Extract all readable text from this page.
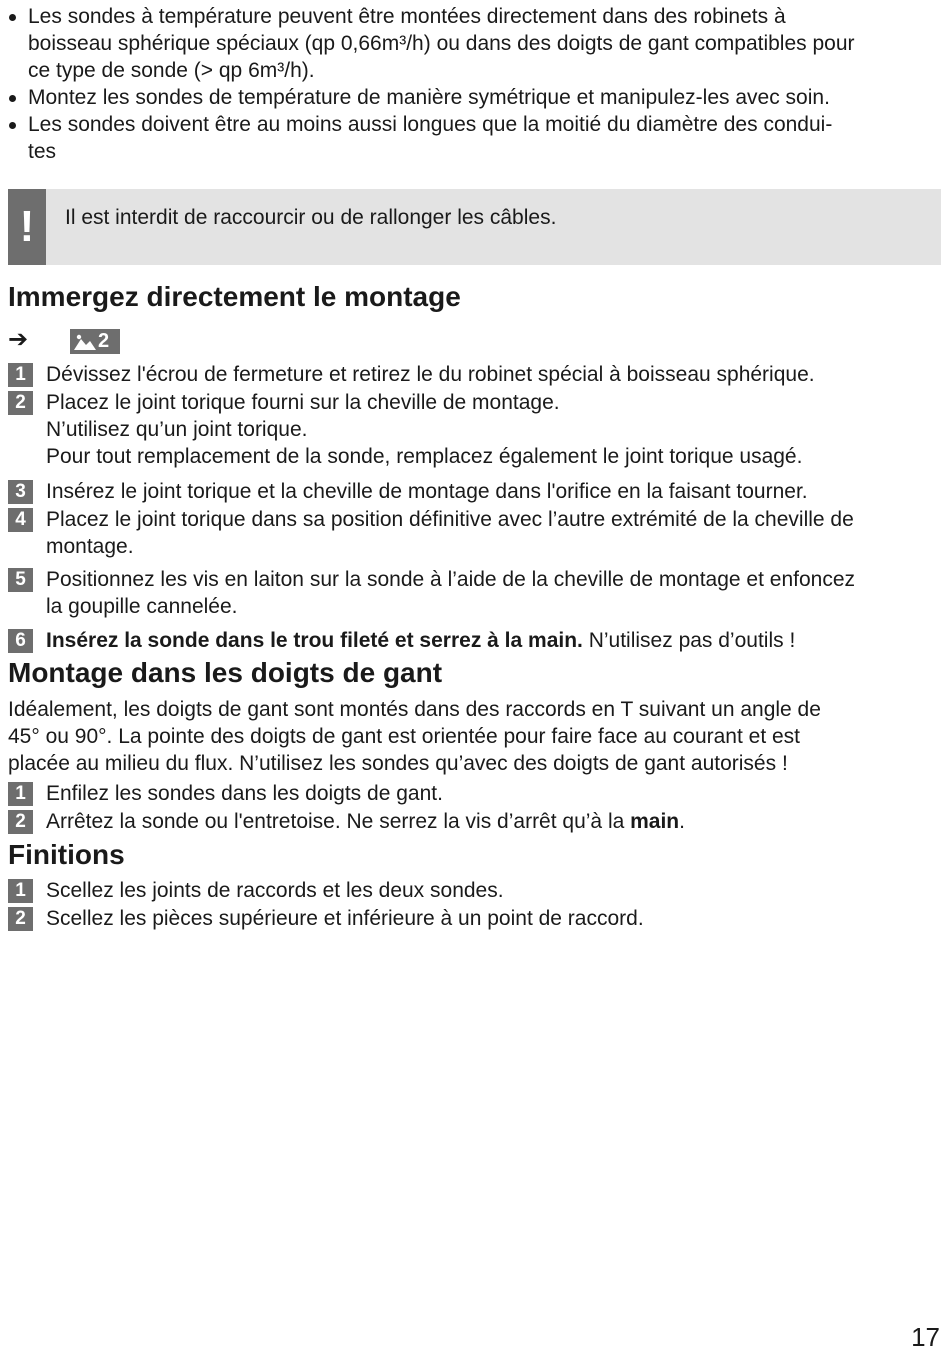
Les sondes à température peuvent être montées directement dans des robinets à
boisseau sphérique spéciaux (qp 0,66m³/h) ou dans des doigts de gant compatibles pour
ce type de sonde (> qp 6m³/h).
Montez les sondes de température de manière symétrique et manipulez-les avec soin.
Les sondes doivent être au moins aussi longues que la moitié du diamètre des condui-
tes
!	Il est interdit de raccourcir ou de rallonger les câbles.
Immergez directement le montage
➔	2
1 Dévissez l'écrou de fermeture et retirez le du robinet spécial à boisseau sphérique.
2 Placez le joint torique fourni sur la cheville de montage.
N’utilisez qu’un joint torique.
Pour tout remplacement de la sonde, remplacez également le joint torique usagé.
3 Insérez le joint torique et la cheville de montage dans l'orifice en la faisant tourner.
4 Placez le joint torique dans sa position définitive avec l’autre extrémité de la cheville de
montage.
5 Positionnez les vis en laiton sur la sonde à l’aide de la cheville de montage et enfoncez
la goupille cannelée.
6 Insérez la sonde dans le trou fileté et serrez à la main. N’utilisez pas d’outils !
Montage dans les doigts de gant

Idéalement, les doigts de gant sont montés dans des raccords en T suivant un angle de
45° ou 90°. La pointe des doigts de gant est orientée pour faire face au courant et est
placée au milieu du flux. N’utilisez les sondes qu’avec des doigts de gant autorisés !

1 Enfilez les sondes dans les doigts de gant.
2 Arrêtez la sonde ou l'entretoise. Ne serrez la vis d’arrêt qu’à la main.
Finitions
1 Scellez les joints de raccords et les deux sondes.
2 Scellez les pièces supérieure et inférieure à un point de raccord.
17
